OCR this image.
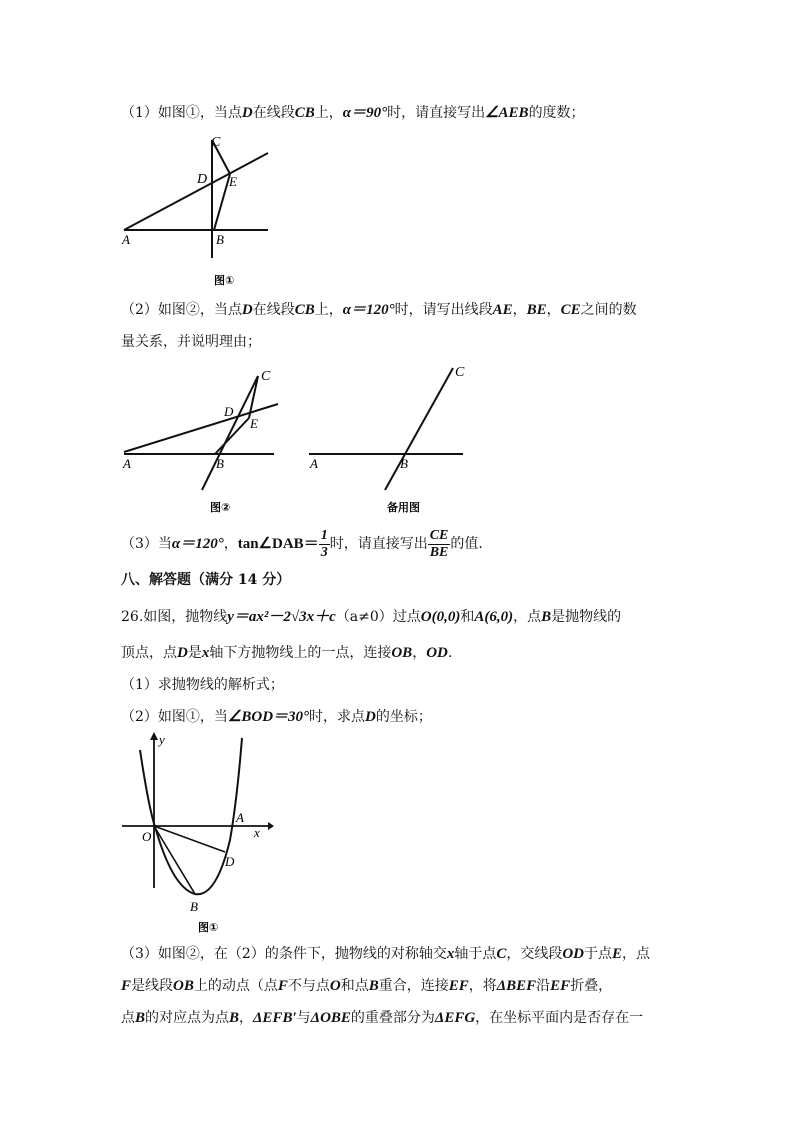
（1）如图①，当点D在线段CB上，α＝90°时，请直接写出∠AEB的度数；
C
D E
A	B
图①
（2）如图②，当点D在线段CB上，α＝120°时，请写出线段AE，BE，CE之间的数
量关系，并说明理由；
C
D
E
A	B
图②
C
A	B
备用图
（3）当α＝120°，tan∠DAB＝ $\frac{1}{3}$ 时，请直接写出 $\frac{CE}{BE}$ 的值.
八、解答题（满分 14 分）
26.如图，抛物线y＝ax²－2√3x＋c（a≠0）过点O(0,0)和A(6,0)，点B是抛物线的
顶点，点D是x轴下方抛物线上的一点，连接OB，OD.
（1）求抛物线的解析式；
（2）如图①，当∠BOD＝30°时，求点D的坐标；
y
x
O
A
D
B
图①
（3）如图②，在（2）的条件下，抛物线的对称轴交x轴于点C，交线段OD于点E，点
F是线段OB上的动点（点F不与点O和点B重合，连接EF，将ΔBEF沿EF折叠，
点B的对应点为点B，ΔEFB′与ΔOBE的重叠部分为ΔEFG，在坐标平面内是否存在一
